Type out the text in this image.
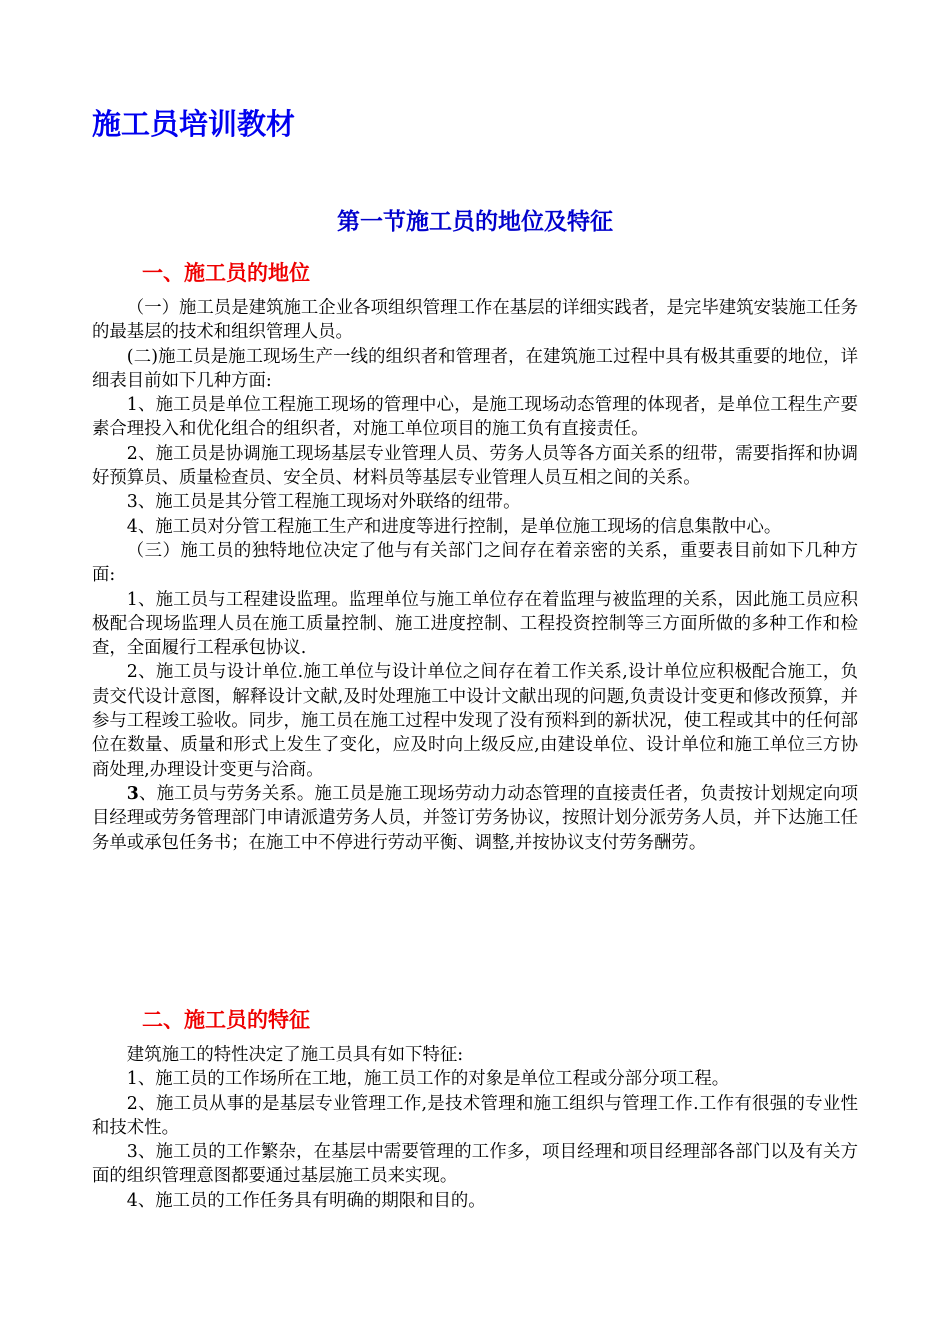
施工员培训教材
第一节施工员的地位及特征
一、施工员的地位

（一）施工员是建筑施工企业各项组织管理工作在基层的详细实践者，是完毕建筑安装施工任务的最基层的技术和组织管理人员。

(二)施工员是施工现场生产一线的组织者和管理者，在建筑施工过程中具有极其重要的地位，详细表目前如下几种方面:

1、施工员是单位工程施工现场的管理中心，是施工现场动态管理的体现者，是单位工程生产要素合理投入和优化组合的组织者，对施工单位项目的施工负有直接责任。

2、施工员是协调施工现场基层专业管理人员、劳务人员等各方面关系的纽带，需要指挥和协调好预算员、质量检查员、安全员、材料员等基层专业管理人员互相之间的关系。

3、施工员是其分管工程施工现场对外联络的纽带。

4、施工员对分管工程施工生产和进度等进行控制，是单位施工现场的信息集散中心。

（三）施工员的独特地位决定了他与有关部门之间存在着亲密的关系，重要表目前如下几种方面:

1、施工员与工程建设监理。监理单位与施工单位存在着监理与被监理的关系，因此施工员应积极配合现场监理人员在施工质量控制、施工进度控制、工程投资控制等三方面所做的多种工作和检查，全面履行工程承包协议.

2、施工员与设计单位.施工单位与设计单位之间存在着工作关系,设计单位应积极配合施工，负责交代设计意图，解释设计文献,及时处理施工中设计文献出现的问题,负责设计变更和修改预算，并参与工程竣工验收。同步，施工员在施工过程中发现了没有预料到的新状况，使工程或其中的任何部位在数量、质量和形式上发生了变化，应及时向上级反应,由建设单位、设计单位和施工单位三方协商处理,办理设计变更与洽商。

3、施工员与劳务关系。施工员是施工现场劳动力动态管理的直接责任者，负责按计划规定向项目经理或劳务管理部门申请派遣劳务人员，并签订劳务协议，按照计划分派劳务人员，并下达施工任务单或承包任务书；在施工中不停进行劳动平衡、调整,并按协议支付劳务酬劳。

二、施工员的特征

建筑施工的特性决定了施工员具有如下特征:

1、施工员的工作场所在工地，施工员工作的对象是单位工程或分部分项工程。

2、施工员从事的是基层专业管理工作,是技术管理和施工组织与管理工作.工作有很强的专业性和技术性。

3、施工员的工作繁杂，在基层中需要管理的工作多，项目经理和项目经理部各部门以及有关方面的组织管理意图都要通过基层施工员来实现。

4、施工员的工作任务具有明确的期限和目的。
